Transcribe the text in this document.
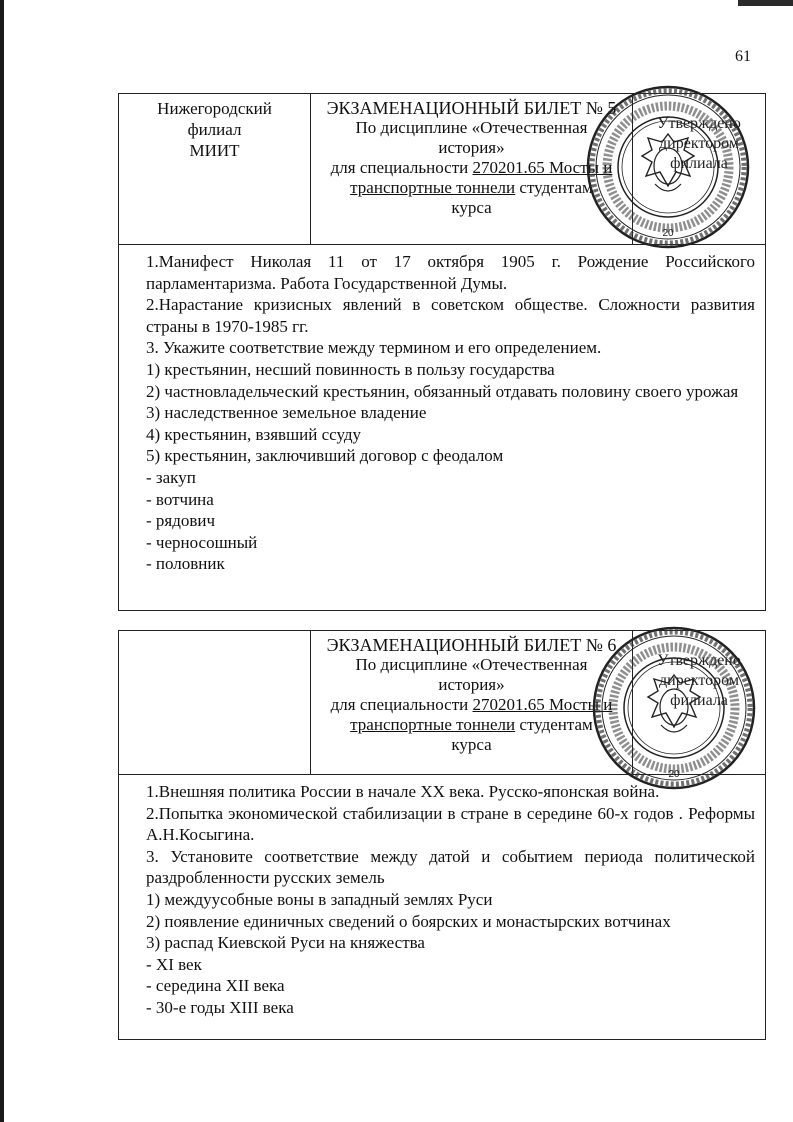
61
Нижегородский
филиал
МИИТ
ЭКЗАМЕНАЦИОННЫЙ БИЛЕТ № 5
По дисциплине «Отечественная
история»
для специальности 270201.65 Мосты и
транспортные тоннели студентам
курса
Утверждено
директором
филиала
20
1.Манифест Николая 11 от 17 октября 1905 г. Рождение Российского парламентаризма. Работа Государственной Думы.
2.Нарастание кризисных явлений в советском обществе. Сложности развития страны в 1970-1985 гг.
3. Укажите соответствие между термином и его определением.
1) крестьянин, несший повинность в пользу государства
2) частновладельческий крестьянин, обязанный отдавать половину своего урожая
3) наследственное земельное владение
4) крестьянин, взявший ссуду
5) крестьянин, заключивший договор с феодалом
- закуп
- вотчина
- рядович
- черносошный
- половник
ЭКЗАМЕНАЦИОННЫЙ БИЛЕТ № 6
По дисциплине «Отечественная
история»
для специальности 270201.65 Мосты и
транспортные тоннели студентам
курса
Утверждено
директором
филиала
20
1.Внешняя политика России в начале XX века. Русско-японская война.
2.Попытка экономической стабилизации в стране в середине 60-х годов . Реформы А.Н.Косыгина.
3. Установите соответствие между датой и событием периода политической раздробленности русских земель
1) междуусобные воны в западный землях Руси
2) появление единичных сведений о боярских и монастырских вотчинах
3) распад Киевской Руси на княжества
- XI век
- середина XII века
- 30-е годы XIII века
